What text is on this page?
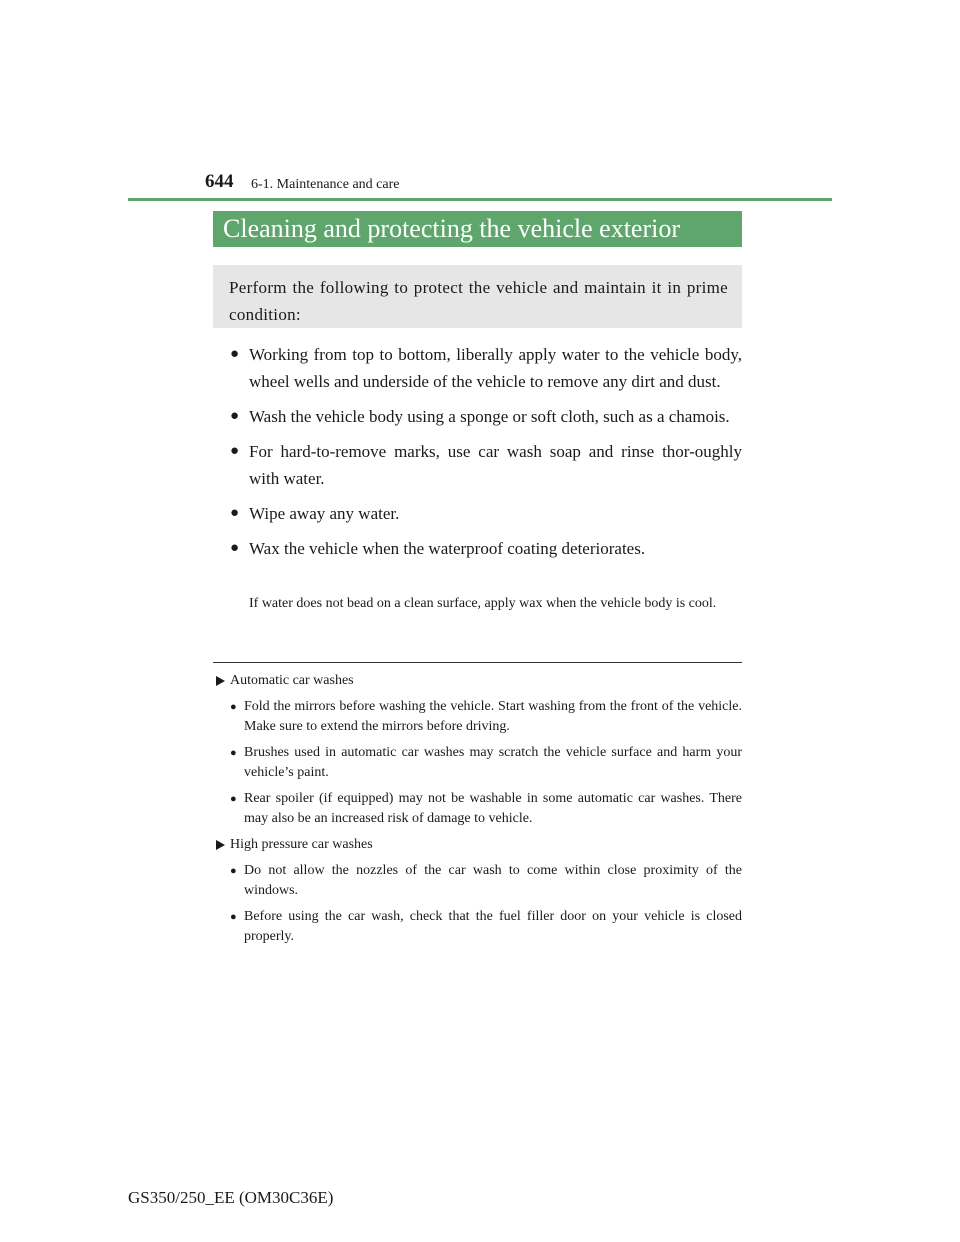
644 6-1. Maintenance and care
Cleaning and protecting the vehicle exterior
Perform the following to protect the vehicle and maintain it in prime condition:
● Working from top to bottom, liberally apply water to the vehicle body, wheel wells and underside of the vehicle to remove any dirt and dust.
● Wash the vehicle body using a sponge or soft cloth, such as a chamois.
● For hard-to-remove marks, use car wash soap and rinse thor-oughly with water.
● Wipe away any water.
● Wax the vehicle when the waterproof coating deteriorates.
If water does not bead on a clean surface, apply wax when the vehicle body is cool.
Automatic car washes
● Fold the mirrors before washing the vehicle. Start washing from the front of the vehicle. Make sure to extend the mirrors before driving.
● Brushes used in automatic car washes may scratch the vehicle surface and harm your vehicle’s paint.
● Rear spoiler (if equipped) may not be washable in some automatic car washes. There may also be an increased risk of damage to vehicle.
High pressure car washes
● Do not allow the nozzles of the car wash to come within close proximity of the windows.
● Before using the car wash, check that the fuel filler door on your vehicle is closed properly.
GS350/250_EE (OM30C36E)
